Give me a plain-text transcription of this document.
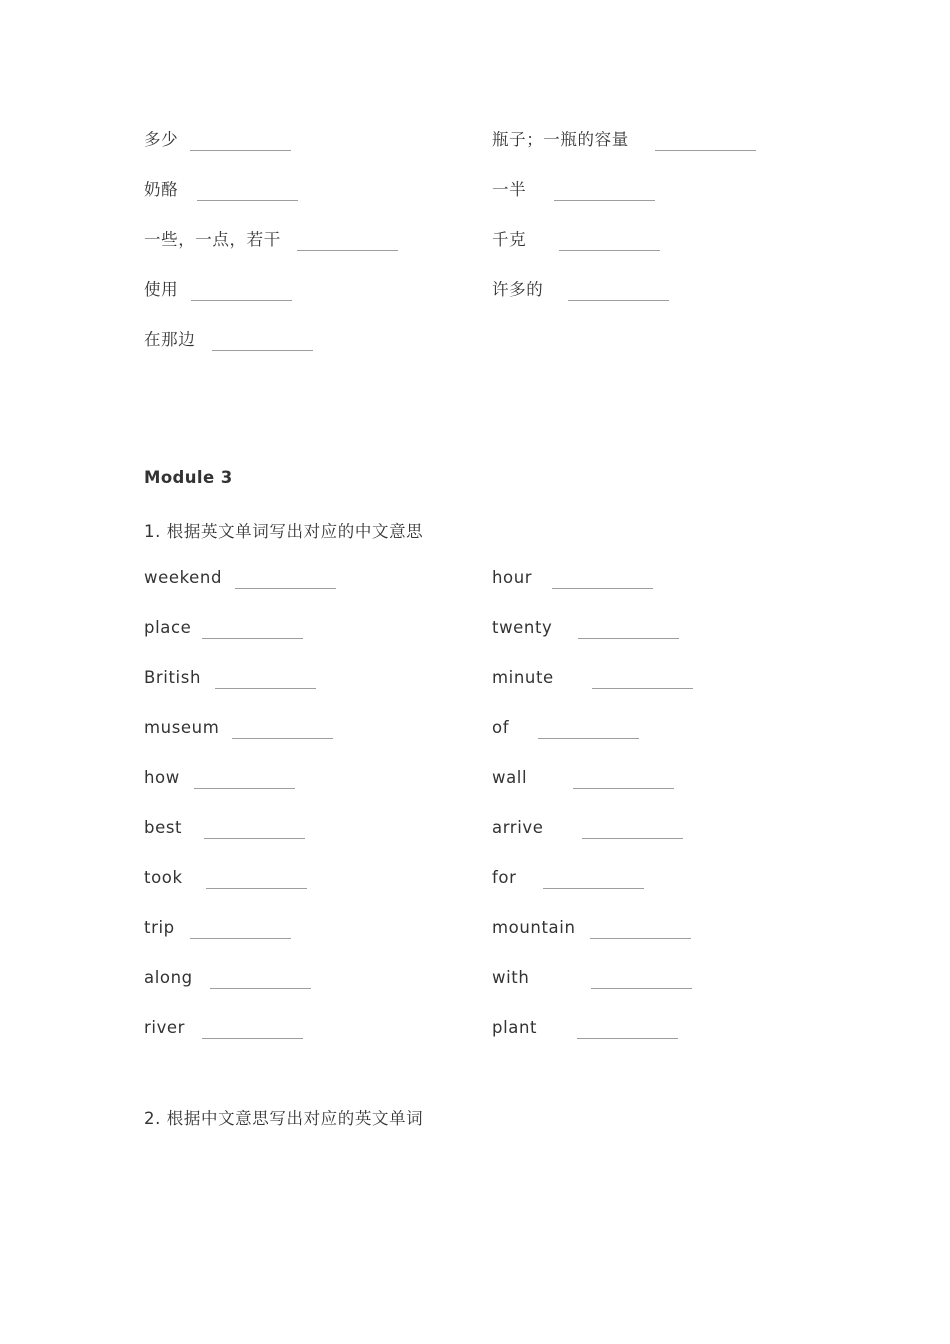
多少	瓶子；一瓶的容量
奶酪	一半
一些，一点，若干	千克
使用	许多的
在那边
Module 3
1. 根据英文单词写出对应的中文意思
weekend	hour
place	twenty
British	minute
museum	of
how	wall
best	arrive
took	for
trip	mountain
along	with
river	plant
2. 根据中文意思写出对应的英文单词
